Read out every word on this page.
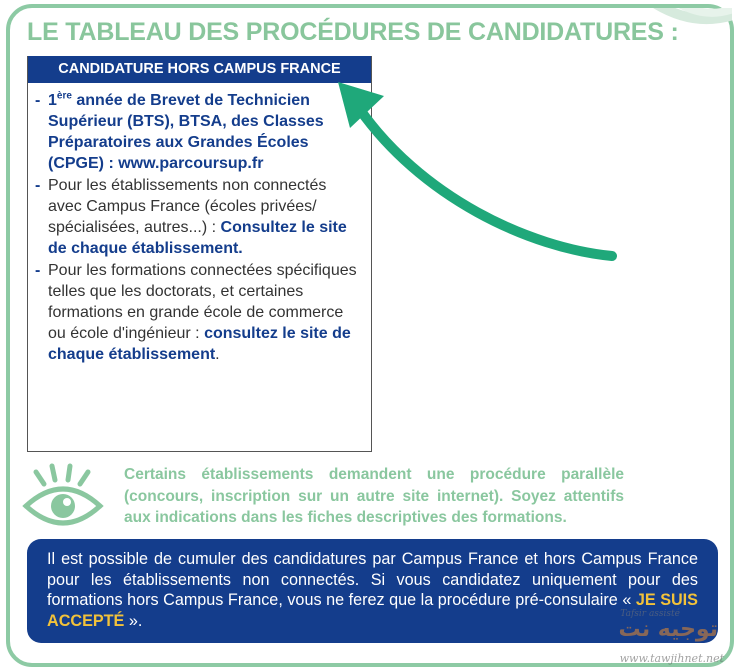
LE TABLEAU DES PROCÉDURES DE CANDIDATURES :
CANDIDATURE HORS CAMPUS FRANCE
- 1ère année de Brevet de Technicien Supérieur (BTS), BTSA, des Classes Préparatoires aux Grandes Écoles (CPGE) : www.parcoursup.fr
- Pour les établissements non connectés avec Campus France (écoles privées/ spécialisées, autres...) : Consultez le site de chaque établissement.
- Pour les formations connectées spécifiques telles que les doctorats, et certaines formations en grande école de commerce ou école d'ingénieur : consultez le site de chaque établissement.
Certains établissements demandent une procédure parallèle (concours, inscription sur un autre site internet). Soyez attentifs aux indications dans les fiches descriptives des formations.
Il est possible de cumuler des candidatures par Campus France et hors Campus France pour les établissements non connectés. Si vous candidatez uniquement pour des formations hors Campus France, vous ne ferez que la procédure pré-consulaire « JE SUIS ACCEPTÉ ».	Tafsir assisté
توجيه نت
www.tawjihnet.net
